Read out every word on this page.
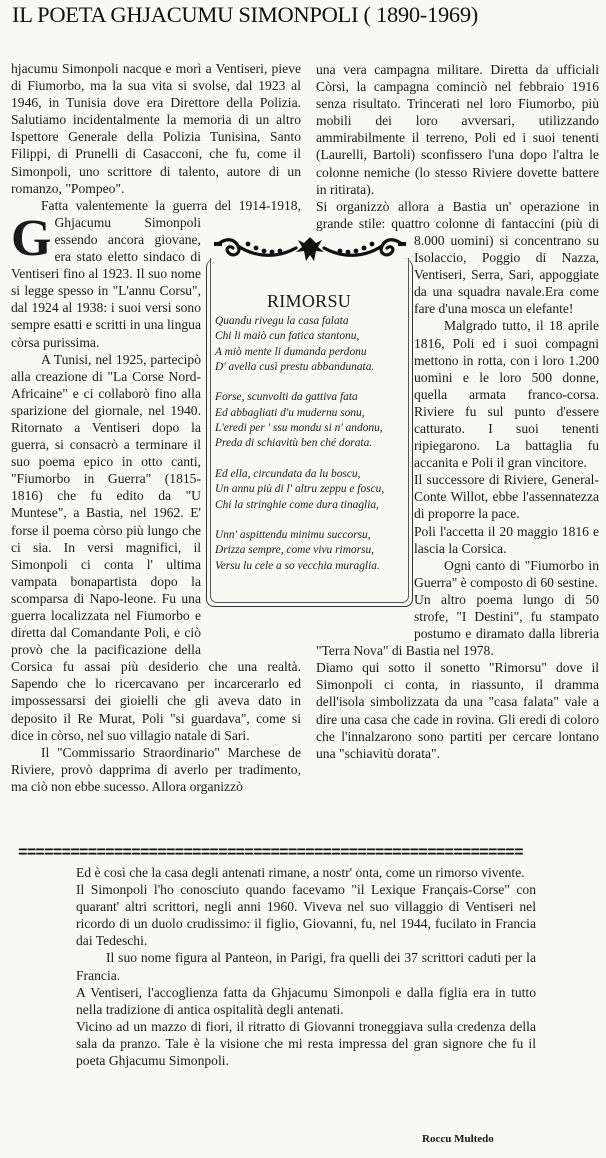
IL POETA GHJACUMU SIMONPOLI ( 1890-1969)

G
hjacumu Simonpoli nacque e morì a Ventiseri, pieve di Fiumorbo, ma la sua vita si svolse, dal 1923 al 1946, in Tunisia dove era Direttore della Polizia. Salutiamo incidentalmente la memoria di un altro Ispettore Generale della Polizia Tunisina, Santo Filippi, di Prunelli di Casacconi, che fu, come il Simonpoli, uno scrittore di talento, autore di un romanzo, "Pompeo".

Fatta valentemente la guerra del 1914-1918, Ghjacumu Simonpoli essendo ancora giovane, era stato eletto sindaco di Ventiseri fino al 1923. Il suo nome si legge spesso in "L'annu Corsu", dal 1924 al 1938: i suoi versi sono sempre esatti e scritti in una lingua còrsa purissima.

A Tunisi, nel 1925, partecipò alla creazione di "La Corse Nord-Africaine" e ci collaborò fino alla sparizione del giornale, nel 1940. Ritornato a Ventiseri dopo la guerra, si consacrò a terminare il suo poema epico in otto canti, "Fiumorbo in Guerra" (1815-1816) che fu edito da "U Muntese", a Bastia, nel 1962. E' forse il poema còrso più lungo che ci sia. In versi magnifici, il Simonpoli ci conta l' ultima vampata bonapartista dopo la scomparsa di Napo-leone. Fu una guerra localizzata nel Fiumorbo e diretta dal Comandante Poli, e ciò provò che la pacificazione della Corsica fu assai più desiderio che una realtà. Sapendo che lo ricercavano per incarcerarlo ed impossessarsi dei gioielli che gli aveva dato in deposito il Re Murat, Poli "si guardava", come si dice in còrso, nel suo villagio natale di Sari.

Il "Commissario Straordinario" Marchese de Riviere, provò dapprima di averlo per tradimento, ma ciò non ebbe sucesso. Allora organizzò

una vera campagna militare. Diretta da ufficiali Còrsi, la campagna cominciò nel febbraio 1916 senza risultato. Trincerati nel loro Fiumorbo, più mobili dei loro avversari, utilizzando ammirabilmente il terreno, Poli ed i suoi tenenti (Laurelli, Bartoli) sconfissero l'una dopo l'altra le colonne nemiche (lo stesso Riviere dovette battere in ritirata).

Si organizzò allora a Bastia un' operazione in grande stile: quattro colonne di fantaccini (più di 8.000 uomini) si concentrano su Isolaccio, Poggio di Nazza, Ventiseri, Serra, Sari, appoggiate da una squadra navale.Era come fare d'una mosca un elefante!

Malgrado tutto, il 18 aprile 1816, Poli ed i suoi compagni mettono in rotta, con i loro 1.200 uomini e le loro 500 donne, quella armata franco-corsa. Riviere fu sul punto d'essere catturato. I suoi tenenti ripiegarono. La battaglia fu accanita e Poli il gran vincitore.

Il successore di Riviere, General-Conte Willot, ebbe l'assennatezza di proporre la pace.

Poli l'accetta il 20 maggio 1816 e lascia la Corsica.

Ogni canto di "Fiumorbo in Guerra" è composto di 60 sestine.

Un altro poema lungo di 50 strofe, "I Destini", fu stampato postumo e diramato dalla libreria "Terra Nova" di Bastia nel 1978.

Diamo qui sotto il sonetto "Rimorsu" dove il Simonpoli ci conta, in riassunto, il dramma dell'isola simbolizzata da una "casa falata" vale a dire una casa che cade in rovina. Gli eredi di coloro che l'innalzarono sono partiti per cercare lontano una "schiavitù dorata".

RIMORSU
Quandu rivegu la casa falata
Chi li maiò cun fatica stantonu,
A miò mente li dumanda perdonu
D' avella cusì prestu abbandunata.
Forse, scunvolti da gattiva fata
Ed abbagliati d'u mudernu sonu,
L'eredi per ' ssu mondu si n' andonu,
Preda di schiavitù ben ché dorata.
Ed ella, circundata da lu boscu,
Un annu più di l' altru zeppu e foscu,
Chi la stringhie come dura tinaglia,
Unn' aspittendu minimu succorsu,
Drizza sempre, come vivu rimorsu,
Versu lu cele a so vecchia muraglia.
==========================================================

Ed è così che la casa degli antenati rimane, a nostr' onta, come un rimorso vivente.

Il Simonpoli l'ho conosciuto quando facevamo "il Lexique Français-Corse" con quarant' altri scrittori, negli anni 1960. Viveva nel suo villaggio di Ventiseri nel ricordo di un duolo crudissimo: il figlio, Giovanni, fu, nel 1944, fucilato in Francia dai Tedeschi.

Il suo nome figura al Panteon, in Parigi, fra quelli dei 37 scrittori caduti per la Francia.

A Ventiseri, l'accoglienza fatta da Ghjacumu Simonpoli e dalla figlia era in tutto nella tradizione di antica ospitalità degli antenati.

Vicino ad un mazzo di fiori, il ritratto di Giovanni troneggiava sulla credenza della sala da pranzo. Tale è la visione che mi resta impressa del gran signore che fu il poeta Ghjacumu Simonpoli.

Roccu Multedo
